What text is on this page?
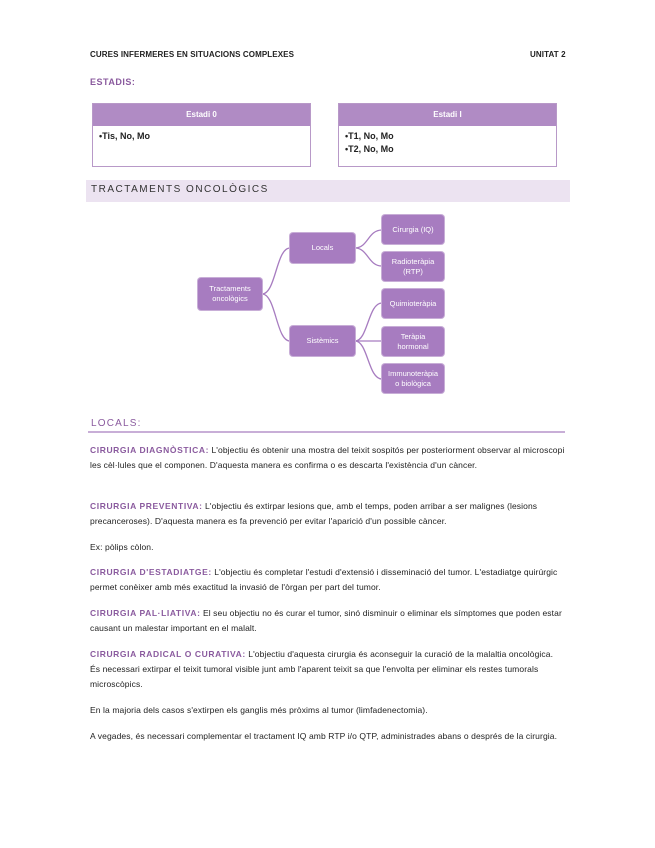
CURES INFERMERES EN SITUACIONS COMPLEXES	UNITAT 2
ESTADIS:
Estadi 0
•Tis, No, Mo
Estadi I
•T1, No, Mo
•T2, No, Mo
TRACTAMENTS ONCOLÒGICS
Tractaments oncològics
Locals
Sistèmics
Cirurgia (IQ)
Radioteràpia (RTP)
Quimioteràpia
Teràpia hormonal
Immunoteràpia o biològica
LOCALS:
CIRURGIA DIAGNÒSTICA: L'objectiu és obtenir una mostra del teixit sospitós per posteriorment observar al microscopi les cèl·lules que el componen. D'aquesta manera es confirma o es descarta l'existència d'un càncer.
CIRURGIA PREVENTIVA: L'objectiu és extirpar lesions que, amb el temps, poden arribar a ser malignes (lesions precanceroses). D'aquesta manera es fa prevenció per evitar l'aparició d'un possible càncer.
Ex: pòlips còlon.
CIRURGIA D'ESTADIATGE: L'objectiu és completar l'estudi d'extensió i disseminació del tumor. L'estadiatge quirúrgic permet conèixer amb més exactitud la invasió de l'òrgan per part del tumor.
CIRURGIA PAL·LIATIVA: El seu objectiu no és curar el tumor, sinó disminuir o eliminar els símptomes que poden estar causant un malestar important en el malalt.
CIRURGIA RADICAL O CURATIVA: L'objectiu d'aquesta cirurgia és aconseguir la curació de la malaltia oncològica. És necessari extirpar el teixit tumoral visible junt amb l'aparent teixit sa que l'envolta per eliminar els restes tumorals microscòpics.
En la majoria dels casos s'extirpen els ganglis més pròxims al tumor (limfadenectomia).
A vegades, és necessari complementar el tractament IQ amb RTP i/o QTP, administrades abans o després de la cirurgia.
